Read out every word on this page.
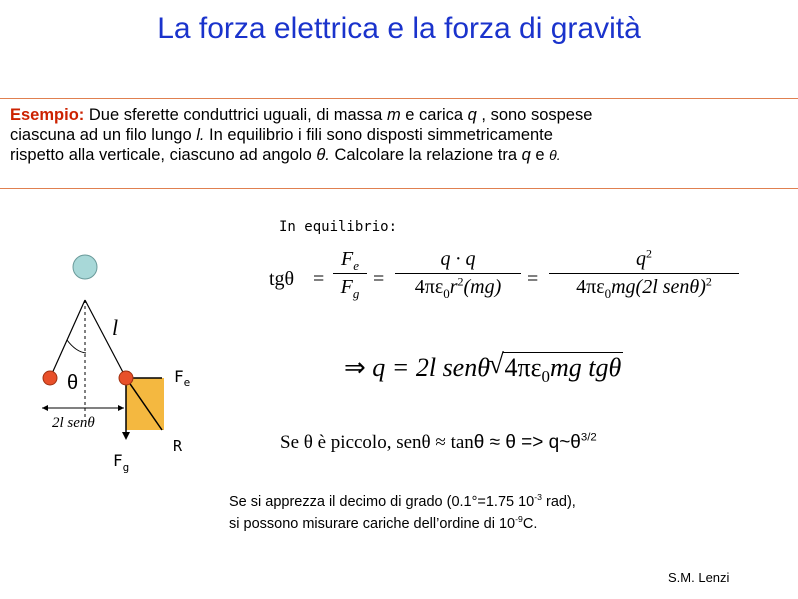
La forza elettrica e la forza di gravità
Esempio: Due sferette conduttrici uguali, di massa m e carica q , sono sospese
ciascuna ad un filo lungo l. In equilibrio i fili sono disposti simmetricamente
rispetto alla verticale, ciascuno ad angolo θ. Calcolare la relazione tra q e θ.
l
θ	$F_e$
R
$F_g$
2l senθ
In equilibrio:
tgθ =
$F_e$
$F_g$
=
q · q
$4\pi\varepsilon_0r^2(mg)$	=
$q^2$
$4\pi\varepsilon_0mg(2l$ senθ)$^2$
⇒ q = 2l senθ
√ $4\pi\varepsilon_0mg$ tgθ
Se θ è piccolo, $sen\theta \approx \tan\theta \approx \theta => q\sim\theta^{3/2}$
Se si apprezza il decimo di grado (0.1°=1.75 $10^{-3}$ rad),
si possono misurare cariche dell’ordine di $10^{-9}C$.
S.M. Lenzi
